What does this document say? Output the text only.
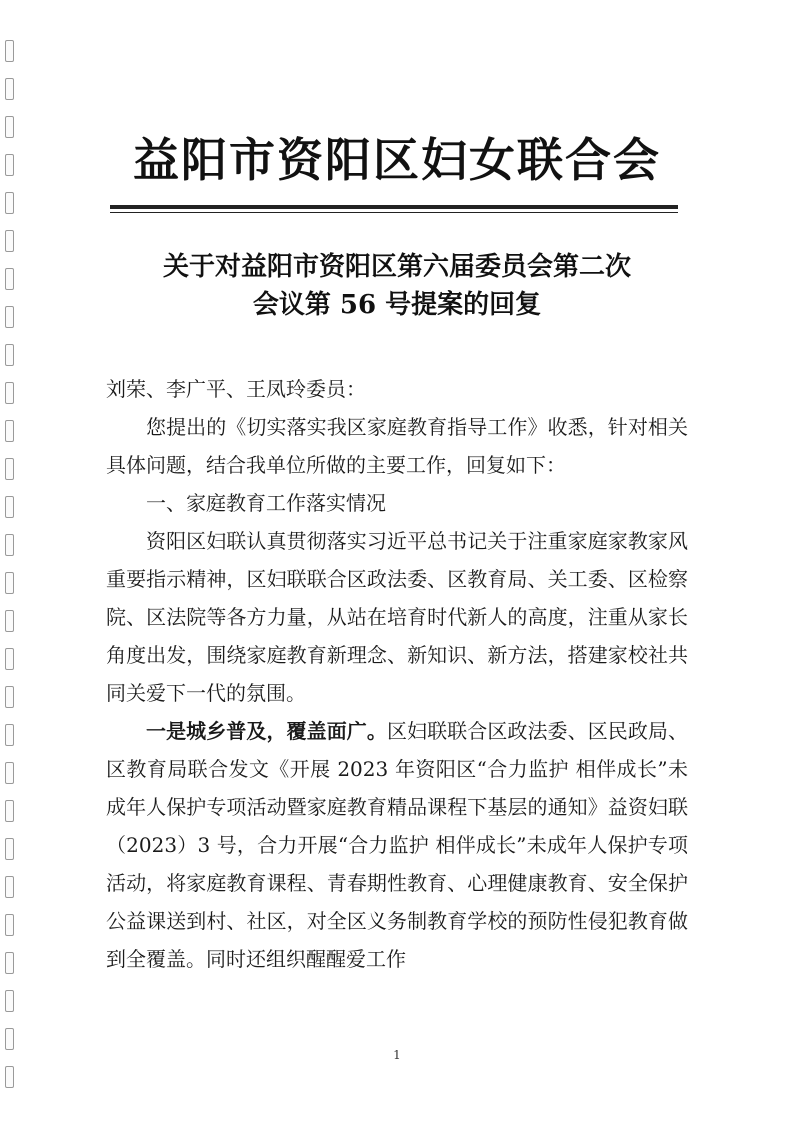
益阳市资阳区妇女联合会
关于对益阳市资阳区第六届委员会第二次
会议第 56 号提案的回复

刘荣、李广平、王凤玲委员：

您提出的《切实落实我区家庭教育指导工作》收悉，针对相关具体问题，结合我单位所做的主要工作，回复如下：

一、家庭教育工作落实情况

资阳区妇联认真贯彻落实习近平总书记关于注重家庭家教家风重要指示精神，区妇联联合区政法委、区教育局、关工委、区检察院、区法院等各方力量，从站在培育时代新人的高度，注重从家长角度出发，围绕家庭教育新理念、新知识、新方法，搭建家校社共同关爱下一代的氛围。

一是城乡普及，覆盖面广。区妇联联合区政法委、区民政局、区教育局联合发文《开展 2023 年资阳区“合力监护 相伴成长”未成年人保护专项活动暨家庭教育精品课程下基层的通知》益资妇联（2023）3 号，合力开展“合力监护 相伴成长”未成年人保护专项活动，将家庭教育课程、青春期性教育、心理健康教育、安全保护公益课送到村、社区，对全区义务制教育学校的预防性侵犯教育做到全覆盖。同时还组织醒醒爱工作

1
